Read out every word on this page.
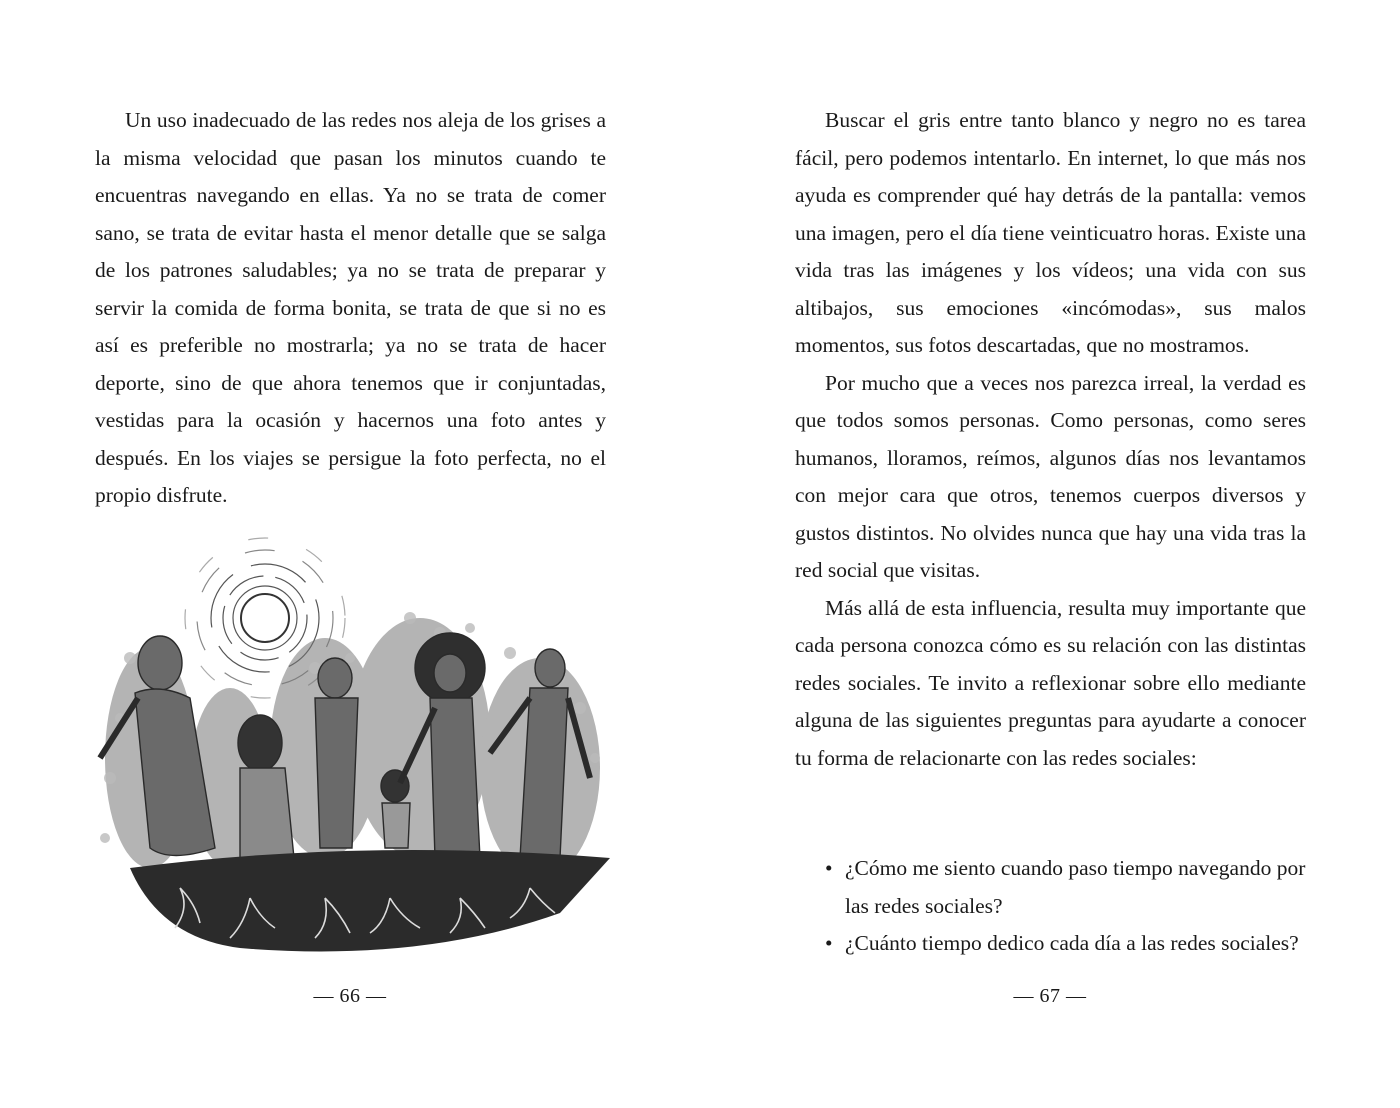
Un uso inadecuado de las redes nos aleja de los grises a la misma velocidad que pasan los minutos cuando te encuentras navegando en ellas. Ya no se trata de comer sano, se trata de evitar hasta el menor detalle que se salga de los patrones saludables; ya no se trata de preparar y servir la comida de forma bonita, se trata de que si no es así es preferible no mostrarla; ya no se trata de hacer deporte, sino de que ahora tenemos que ir conjuntadas, vestidas para la ocasión y hacernos una foto antes y después. En los viajes se persigue la foto perfecta, no el propio disfrute.

— 66 —

Buscar el gris entre tanto blanco y negro no es tarea fácil, pero podemos intentarlo. En internet, lo que más nos ayuda es comprender qué hay detrás de la pantalla: vemos una imagen, pero el día tiene veinticuatro horas. Existe una vida tras las imágenes y los vídeos; una vida con sus altibajos, sus emociones «incómodas», sus malos momentos, sus fotos descartadas, que no mostramos.

Por mucho que a veces nos parezca irreal, la verdad es que todos somos personas. Como personas, como seres humanos, lloramos, reímos, algunos días nos levantamos con mejor cara que otros, tenemos cuerpos diversos y gustos distintos. No olvides nunca que hay una vida tras la red social que visitas.

Más allá de esta influencia, resulta muy importante que cada persona conozca cómo es su relación con las distintas redes sociales. Te invito a reflexionar sobre ello mediante alguna de las siguientes preguntas para ayudarte a conocer tu forma de relacionarte con las redes sociales:

• ¿Cómo me siento cuando paso tiempo navegando por las redes sociales?
• ¿Cuánto tiempo dedico cada día a las redes sociales?
— 67 —
